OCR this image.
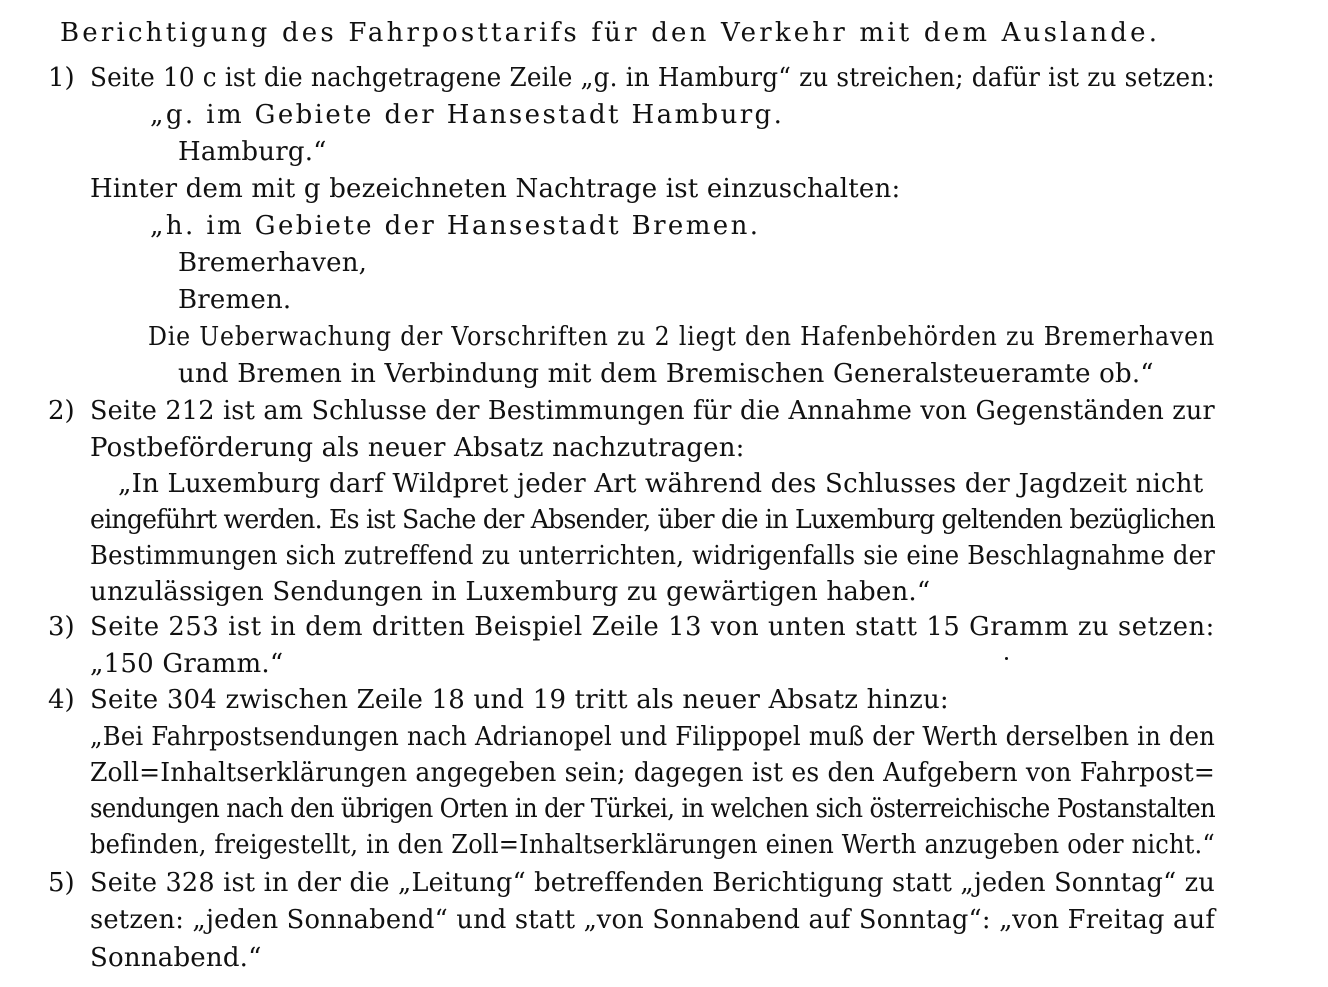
Berichtigung des Fahrposttarifs für den Verkehr mit dem Auslande.
1) Seite 10 c ist die nachgetragene Zeile „g. in Hamburg“ zu streichen; dafür ist zu setzen:
„g. im Gebiete der Hansestadt Hamburg.
Hamburg.“
Hinter dem mit g bezeichneten Nachtrage ist einzuschalten:
„h. im Gebiete der Hansestadt Bremen.
Bremerhaven,
Bremen.
Die Ueberwachung der Vorschriften zu 2 liegt den Hafenbehörden zu Bremerhaven
und Bremen in Verbindung mit dem Bremischen Generalsteueramte ob.“
2) Seite 212 ist am Schlusse der Bestimmungen für die Annahme von Gegenständen zur
Postbeförderung als neuer Absatz nachzutragen:
„In Luxemburg darf Wildpret jeder Art während des Schlusses der Jagdzeit nicht
eingeführt werden. Es ist Sache der Absender, über die in Luxemburg geltenden bezüglichen
Bestimmungen sich zutreffend zu unterrichten, widrigenfalls sie eine Beschlagnahme der
unzulässigen Sendungen in Luxemburg zu gewärtigen haben.“
3) Seite 253 ist in dem dritten Beispiel Zeile 13 von unten statt 15 Gramm zu setzen:
„150 Gramm.“
4) Seite 304 zwischen Zeile 18 und 19 tritt als neuer Absatz hinzu:
„Bei Fahrpostsendungen nach Adrianopel und Filippopel muß der Werth derselben in den
Zoll=Inhaltserklärungen angegeben sein; dagegen ist es den Aufgebern von Fahrpost=
sendungen nach den übrigen Orten in der Türkei, in welchen sich österreichische Postanstalten
befinden, freigestellt, in den Zoll=Inhaltserklärungen einen Werth anzugeben oder nicht.“
5) Seite 328 ist in der die „Leitung“ betreffenden Berichtigung statt „jeden Sonntag“ zu
setzen: „jeden Sonnabend“ und statt „von Sonnabend auf Sonntag“: „von Freitag auf
Sonnabend.“
